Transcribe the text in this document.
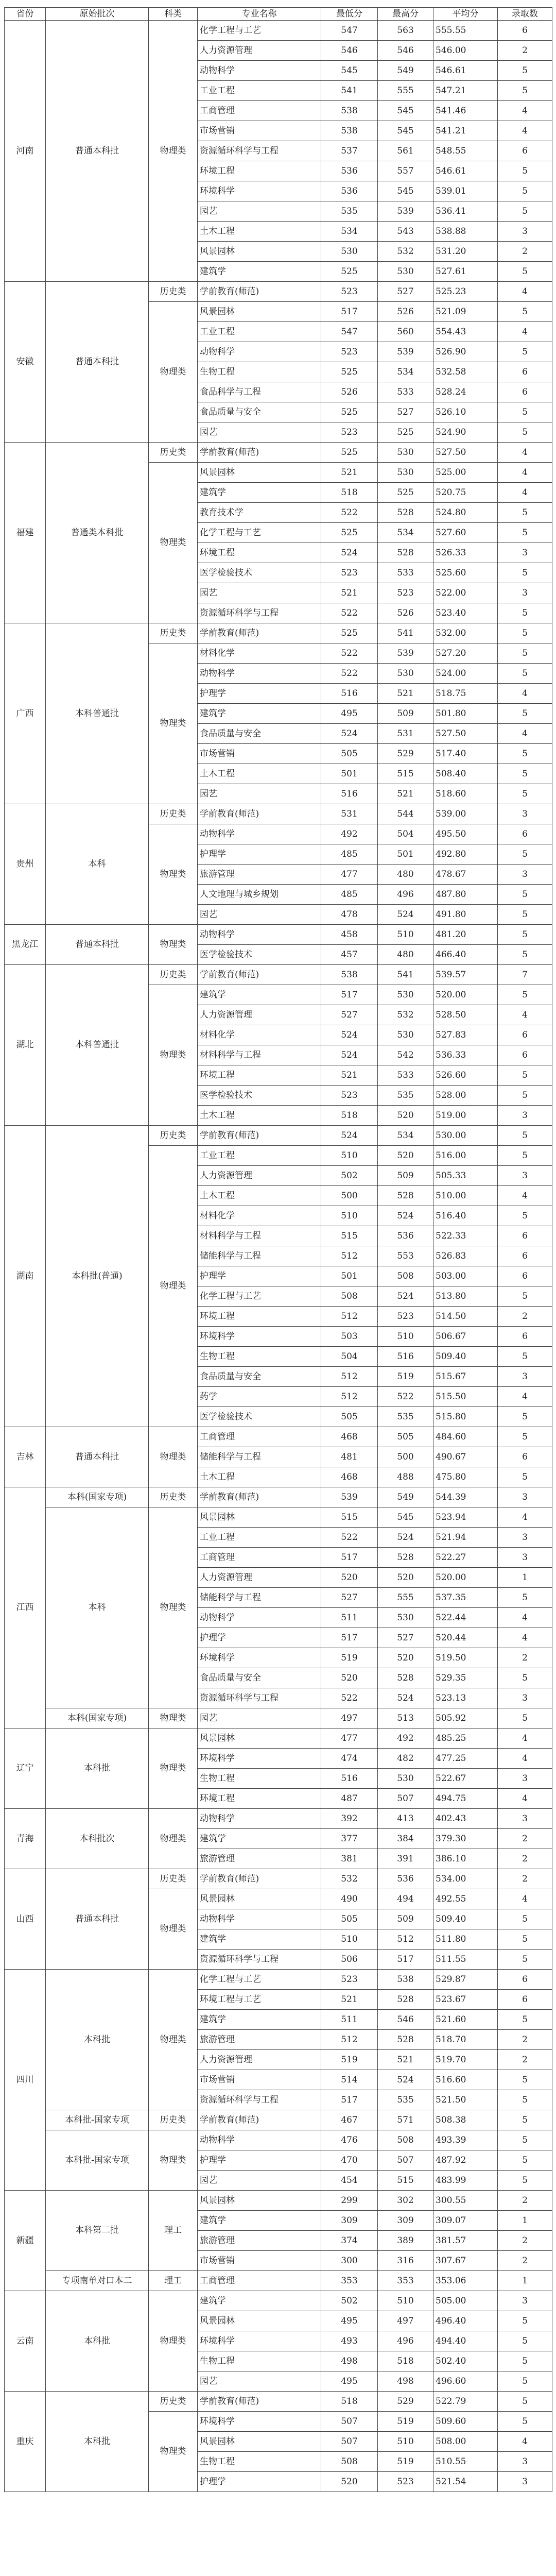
省份	原始批次	科类	专业名称	最低分	最高分	平均分	录取数
河南	普通本科批	物理类	化学工程与工艺	547	563	555.55	6
			人力资源管理	546	546	546.00	2
			动物科学	545	549	546.61	5
			工业工程	541	555	547.21	5
			工商管理	538	545	541.46	4
			市场营销	538	545	541.21	4
			资源循环科学与工程	537	561	548.55	6
			环境工程	536	557	546.61	5
			环境科学	536	545	539.01	5
			园艺	535	539	536.41	5
			土木工程	534	543	538.88	3
			风景园林	530	532	531.20	2
			建筑学	525	530	527.61	5
安徽	普通本科批	历史类	学前教育(师范)	523	527	525.23	4
		物理类	风景园林	517	526	521.09	5
			工业工程	547	560	554.43	4
			动物科学	523	539	526.90	5
			生物工程	525	534	532.58	6
			食品科学与工程	526	533	528.24	6
			食品质量与安全	525	527	526.10	5
			园艺	523	525	524.90	5
福建	普通类本科批	历史类	学前教育(师范)	525	530	527.50	4
		物理类	风景园林	521	530	525.00	4
			建筑学	518	525	520.75	4
			教育技术学	522	528	524.80	5
			化学工程与工艺	525	534	527.60	5
			环境工程	524	528	526.33	3
			医学检验技术	523	533	525.60	5
			园艺	521	523	522.00	3
			资源循环科学与工程	522	526	523.40	5
广西	本科普通批	历史类	学前教育(师范)	525	541	532.00	5
		物理类	材料化学	522	539	527.20	5
			动物科学	522	530	524.00	5
			护理学	516	521	518.75	4
			建筑学	495	509	501.80	5
			食品质量与安全	524	531	527.50	4
			市场营销	505	529	517.40	5
			土木工程	501	515	508.40	5
			园艺	516	521	518.60	5
贵州	本科	历史类	学前教育(师范)	531	544	539.00	3
		物理类	动物科学	492	504	495.50	6
			护理学	485	501	492.80	5
			旅游管理	477	480	478.67	3
			人文地理与城乡规划	485	496	487.80	5
			园艺	478	524	491.80	5
黑龙江	普通本科批	物理类	动物科学	458	510	481.20	5
			医学检验技术	457	480	466.40	5
湖北	本科普通批	历史类	学前教育(师范)	538	541	539.57	7
		物理类	建筑学	517	530	520.00	5
			人力资源管理	527	532	528.50	4
			材料化学	524	530	527.83	6
			材料科学与工程	524	542	536.33	6
			环境工程	521	533	526.60	5
			医学检验技术	523	535	528.00	5
			土木工程	518	520	519.00	3
湖南	本科批(普通)	历史类	学前教育(师范)	524	534	530.00	5
		物理类	工业工程	510	520	516.00	5
			人力资源管理	502	509	505.33	3
			土木工程	500	528	510.00	4
			材料化学	510	524	516.40	5
			材料科学与工程	515	536	522.33	6
			储能科学与工程	512	553	526.83	6
			护理学	501	508	503.00	6
			化学工程与工艺	508	524	513.80	5
			环境工程	512	523	514.50	2
			环境科学	503	510	506.67	6
			生物工程	504	516	509.40	5
			食品质量与安全	512	519	515.67	3
			药学	512	522	515.50	4
			医学检验技术	505	535	515.80	5
吉林	普通本科批	物理类	工商管理	468	505	484.60	5
			储能科学与工程	481	500	490.67	6
			土木工程	468	488	475.80	5
江西	本科(国家专项)	历史类	学前教育(师范)	539	549	544.39	3
	本科	物理类	风景园林	515	545	523.94	4
			工业工程	522	524	521.94	3
			工商管理	517	528	522.27	3
			人力资源管理	520	520	520.00	1
			储能科学与工程	527	555	537.35	5
			动物科学	511	530	522.44	4
			护理学	517	527	520.44	4
			环境科学	519	520	519.50	2
			食品质量与安全	520	528	529.35	5
			资源循环科学与工程	522	524	523.13	3
	本科(国家专项)	物理类	园艺	497	513	505.92	5
辽宁	本科批	物理类	风景园林	477	492	485.25	4
			环境科学	474	482	477.25	4
			生物工程	516	530	522.67	3
			环境工程	487	507	494.75	4
青海	本科批次	物理类	动物科学	392	413	402.43	3
			建筑学	377	384	379.30	2
			旅游管理	381	391	386.10	2
山西	普通本科批	历史类	学前教育(师范)	532	536	534.00	2
		物理类	风景园林	490	494	492.55	4
			动物科学	505	509	509.40	5
			建筑学	510	512	511.80	5
			资源循环科学与工程	506	517	511.55	5
四川	本科批	物理类	化学工程与工艺	523	538	529.87	6
			环境工程与工艺	521	528	523.67	6
			建筑学	511	546	521.60	5
			旅游管理	512	528	518.70	2
			人力资源管理	519	521	519.70	2
			市场营销	514	524	516.60	5
			资源循环科学与工程	517	535	521.50	5
	本科批-国家专项	历史类	学前教育(师范)	467	571	508.38	5
	本科批-国家专项	物理类	动物科学	476	508	493.39	5
			护理学	470	507	487.92	5
			园艺	454	515	483.99	5
新疆	本科第二批	理工	风景园林	299	302	300.55	2
			建筑学	309	309	309.07	1
			旅游管理	374	389	381.57	2
			市场营销	300	316	307.67	2
	专项南单对口本二	理工	工商管理	353	353	353.06	1
云南	本科批	物理类	建筑学	502	510	505.00	3
			风景园林	495	497	496.40	5
			环境科学	493	496	494.40	5
			生物工程	498	518	502.40	5
			园艺	495	498	496.60	5
重庆	本科批	历史类	学前教育(师范)	518	529	522.79	5
		物理类	环境科学	507	519	509.60	5
			风景园林	507	510	508.00	4
			生物工程	508	519	510.55	3
			护理学	520	523	521.54	3
